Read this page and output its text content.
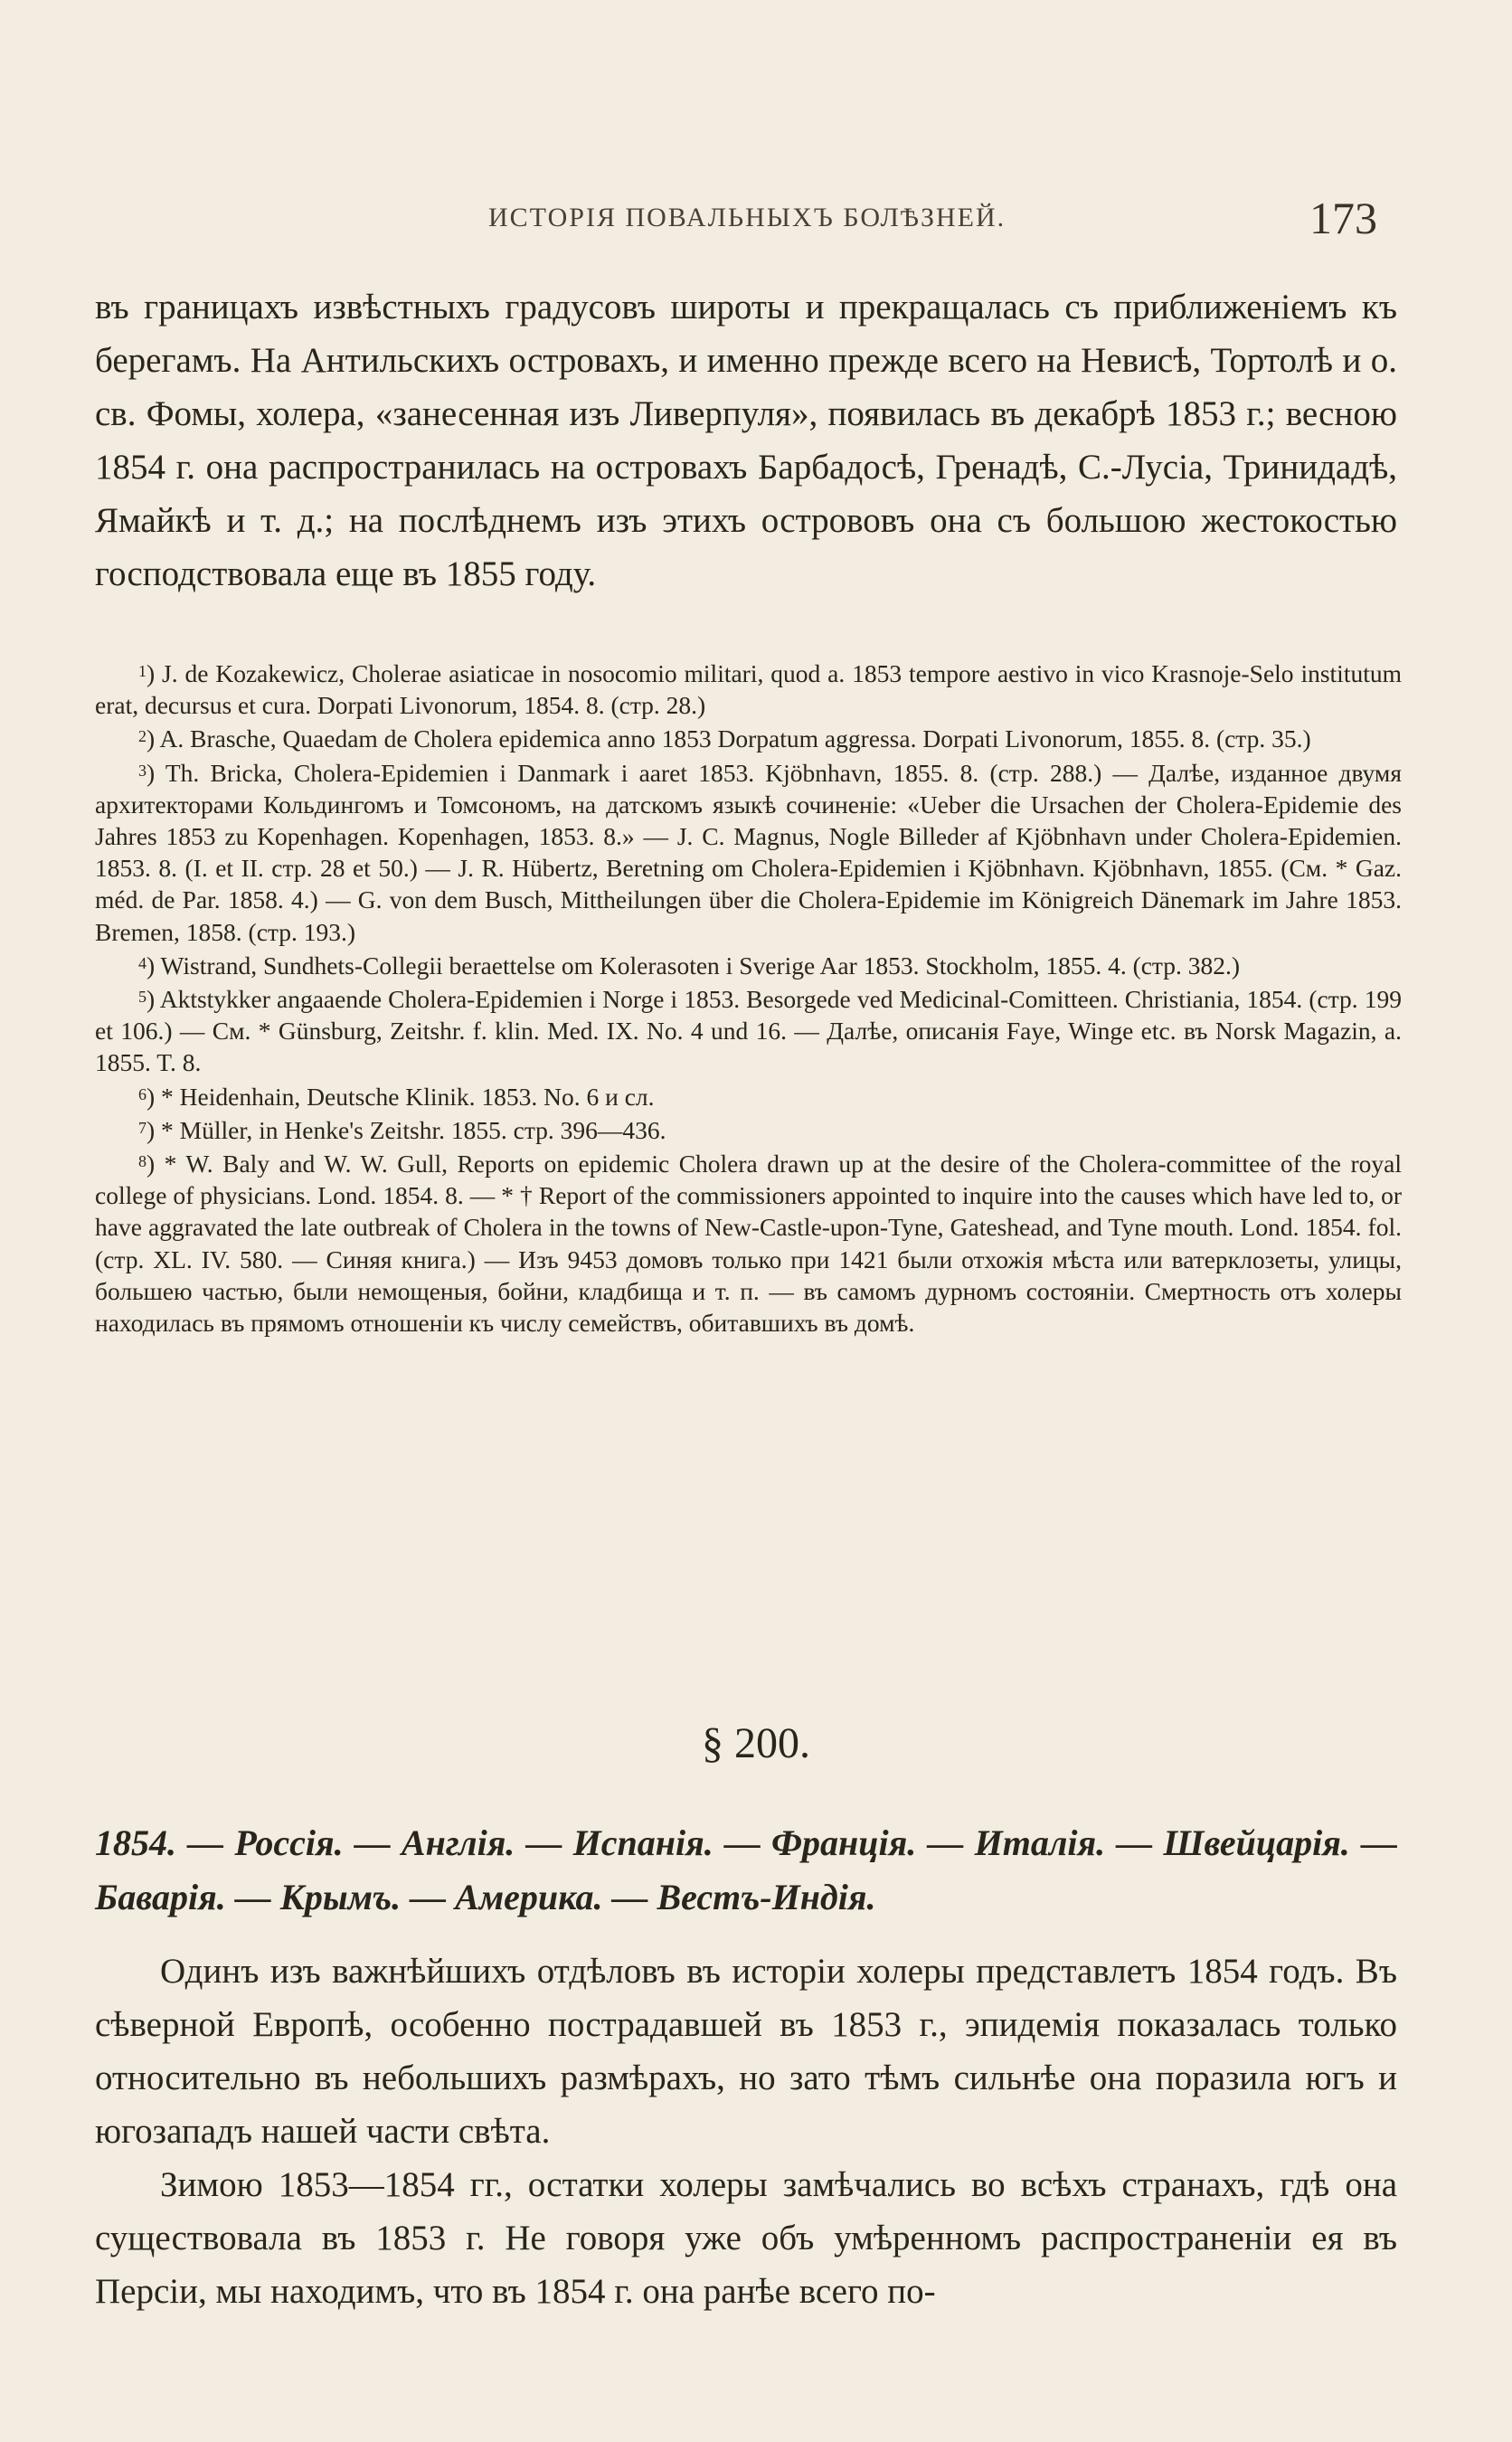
ИСТОРІЯ ПОВАЛЬНЫХЪ БОЛѢЗНЕЙ.	173

въ границахъ извѣстныхъ градусовъ широты и прекращалась съ приближеніемъ къ берегамъ. На Антильскихъ островахъ, и именно прежде всего на Невисѣ, Тортолѣ и о. св. Фомы, холера, «занесенная изъ Ливерпуля», появилась въ декабрѣ 1853 г.; весною 1854 г. она распространилась на островахъ Барбадосѣ, Гренадѣ, С.-Лусіа, Тринидадѣ, Ямайкѣ и т. д.; на послѣднемъ изъ этихъ острововъ она съ большою жестокостью господствовала еще въ 1855 году.

$^1$) J. de Kozakewicz, Cholerae asiaticae in nosocomio militari, quod a. 1853 tempore aestivo in vico Krasnoje-Selo institutum erat, decursus et cura. Dorpati Livonorum, 1854. 8. (стр. 28.)

$^2$) A. Brasche, Quaedam de Cholera epidemica anno 1853 Dorpatum aggressa. Dorpati Livonorum, 1855. 8. (стр. 35.)

$^3$) Th. Bricka, Cholera-Epidemien i Danmark i aaret 1853. Kjöbnhavn, 1855. 8. (стр. 288.) — Далѣе, изданное двумя архитекторами Кольдингомъ и Томсономъ, на датскомъ языкѣ сочиненіе: «Ueber die Ursachen der Cholera-Epidemie des Jahres 1853 zu Kopenhagen. Kopenhagen, 1853. 8.» — J. C. Magnus, Nogle Billeder af Kjöbnhavn under Cholera-Epidemien. 1853. 8. (I. et II. стр. 28 et 50.) — J. R. Hübertz, Beretning om Cholera-Epidemien i Kjöbnhavn. Kjöbnhavn, 1855. (См. * Gaz. méd. de Par. 1858. 4.) — G. von dem Busch, Mittheilungen über die Cholera-Epidemie im Königreich Dänemark im Jahre 1853. Bremen, 1858. (стр. 193.)

$^4$) Wistrand, Sundhets-Collegii beraettelse om Kolerasoten i Sverige Aar 1853. Stockholm, 1855. 4. (стр. 382.)

$^5$) Aktstykker angaaende Cholera-Epidemien i Norge i 1853. Besorgede ved Medicinal-Comitteen. Christiania, 1854. (стр. 199 et 106.) — См. * Günsburg, Zeitshr. f. klin. Med. IX. No. 4 und 16. — Далѣе, описанія Faye, Winge etc. въ Norsk Magazin, a. 1855. T. 8.

$^6$) * Heidenhain, Deutsche Klinik. 1853. No. 6 и сл.

$^7$) * Müller, in Henke's Zeitshr. 1855. стр. 396—436.

$^8$) * W. Baly and W. W. Gull, Reports on epidemic Cholera drawn up at the desire of the Cholera-committee of the royal college of physicians. Lond. 1854. 8. — * † Report of the commissioners appointed to inquire into the causes which have led to, or have aggravated the late outbreak of Cholera in the towns of New-Castle-upon-Tyne, Gateshead, and Tyne mouth. Lond. 1854. fol. (стр. XL. IV. 580. — Синяя книга.) — Изъ 9453 домовъ только при 1421 были отхожія мѣста или ватерклозеты, улицы, большею частью, были немощеныя, бойни, кладбища и т. п. — въ самомъ дурномъ состояніи. Смертность отъ холеры находилась въ прямомъ отношеніи къ числу семействъ, обитавшихъ въ домѣ.

§ 200.
1854. — Россія. — Англія. — Испанія. — Франція. — Италія. — Швейцарія. — Баварія. — Крымъ. — Америка. — Вестъ-Индія.

Одинъ изъ важнѣйшихъ отдѣловъ въ исторіи холеры представлетъ 1854 годъ. Въ сѣверной Европѣ, особенно пострадавшей въ 1853 г., эпидемія показалась только относительно въ небольшихъ размѣрахъ, но зато тѣмъ сильнѣе она поразила югъ и югозападъ нашей части свѣта.

Зимою 1853—1854 гг., остатки холеры замѣчались во всѣхъ странахъ, гдѣ она существовала въ 1853 г. Не говоря уже объ умѣренномъ распространеніи ея въ Персіи, мы находимъ, что въ 1854 г. она ранѣе всего по-
